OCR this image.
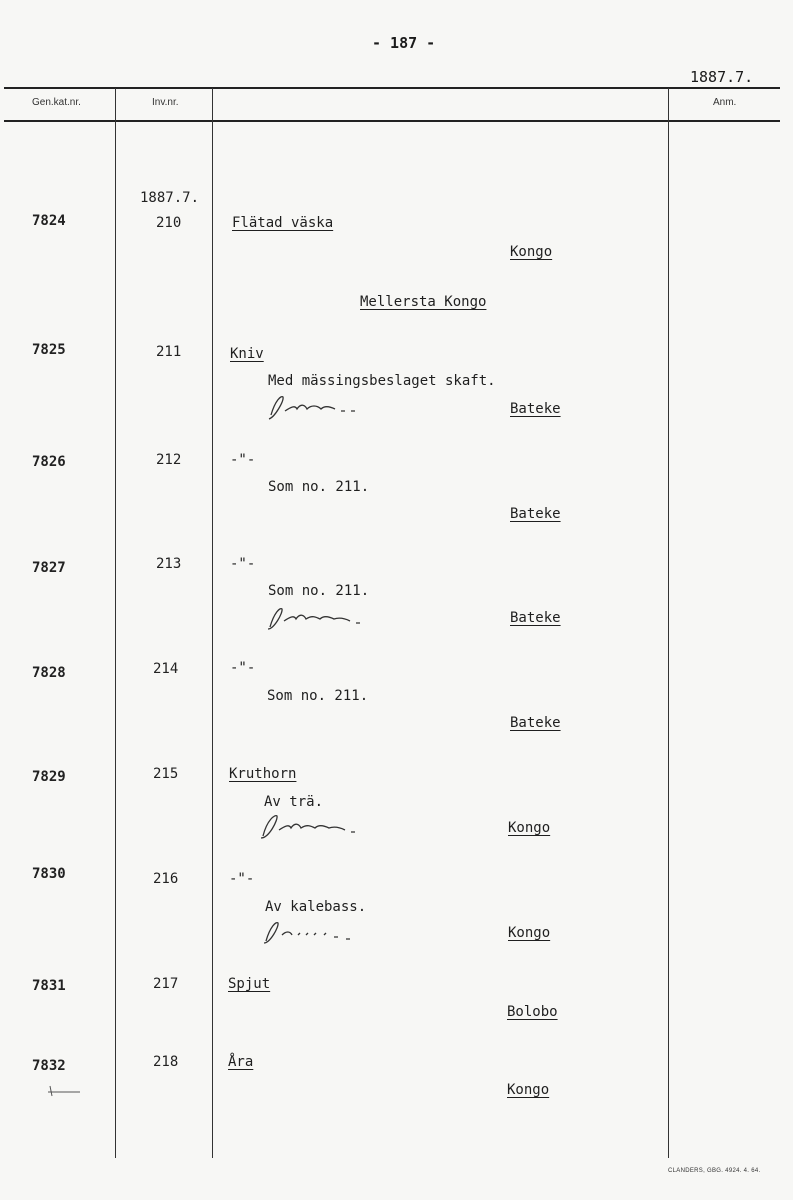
- 187 -
1887.7.
Gen.kat.nr.	Inv.nr.	Anm.
1887.7.
7824	210	Flätad väska
Kongo
Mellersta Kongo
7825	211	Kniv
Med mässingsbeslaget skaft.
Bateke
7826	212	-"-
Som no. 211.
Bateke
7827	213	-"-
Som no. 211.
Bateke
7828	214	-"-
Som no. 211.
Bateke
7829	215	Kruthorn
Av trä.
Kongo
7830	216	-"-
Av kalebass.
Kongo
7831	217	Spjut
Bolobo
7832	218	Åra
Kongo
CLANDERS, GBG. 4924. 4. 64.
